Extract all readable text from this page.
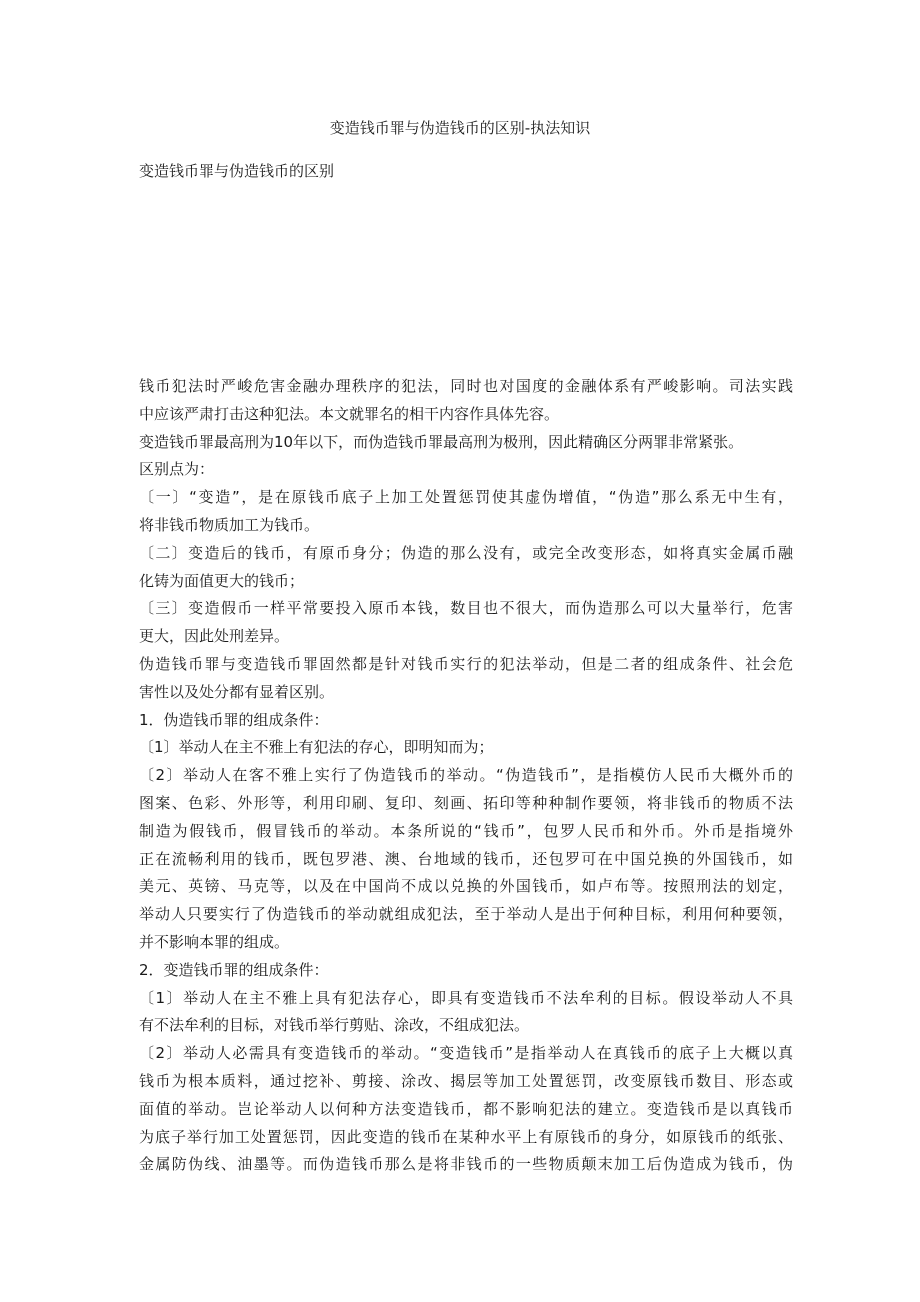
变造钱币罪与伪造钱币的区别-执法知识
变造钱币罪与伪造钱币的区别
钱币犯法时严峻危害金融办理秩序的犯法，同时也对国度的金融体系有严峻影响。司法实践
中应该严肃打击这种犯法。本文就罪名的相干内容作具体先容。
变造钱币罪最高刑为10年以下，而伪造钱币罪最高刑为极刑，因此精确区分两罪非常紧张。
区别点为：
〔一〕“变造”，是在原钱币底子上加工处置惩罚使其虚伪增值，“伪造”那么系无中生有，
将非钱币物质加工为钱币。
〔二〕变造后的钱币，有原币身分；伪造的那么没有，或完全改变形态，如将真实金属币融
化铸为面值更大的钱币；
〔三〕变造假币一样平常要投入原币本钱，数目也不很大，而伪造那么可以大量举行，危害
更大，因此处刑差异。
伪造钱币罪与变造钱币罪固然都是针对钱币实行的犯法举动，但是二者的组成条件、社会危
害性以及处分都有显着区别。
1．伪造钱币罪的组成条件：
〔1〕举动人在主不雅上有犯法的存心，即明知而为；
〔2〕举动人在客不雅上实行了伪造钱币的举动。“伪造钱币”，是指模仿人民币大概外币的
图案、色彩、外形等，利用印刷、复印、刻画、拓印等种种制作要领，将非钱币的物质不法
制造为假钱币，假冒钱币的举动。本条所说的“钱币”，包罗人民币和外币。外币是指境外
正在流畅利用的钱币，既包罗港、澳、台地域的钱币，还包罗可在中国兑换的外国钱币，如
美元、英镑、马克等，以及在中国尚不成以兑换的外国钱币，如卢布等。按照刑法的划定，
举动人只要实行了伪造钱币的举动就组成犯法，至于举动人是出于何种目标，利用何种要领，
并不影响本罪的组成。
2．变造钱币罪的组成条件：
〔1〕举动人在主不雅上具有犯法存心，即具有变造钱币不法牟利的目标。假设举动人不具
有不法牟利的目标，对钱币举行剪贴、涂改，不组成犯法。
〔2〕举动人必需具有变造钱币的举动。“变造钱币”是指举动人在真钱币的底子上大概以真
钱币为根本质料，通过挖补、剪接、涂改、揭层等加工处置惩罚，改变原钱币数目、形态或
面值的举动。岂论举动人以何种方法变造钱币，都不影响犯法的建立。变造钱币是以真钱币
为底子举行加工处置惩罚，因此变造的钱币在某种水平上有原钱币的身分，如原钱币的纸张、
金属防伪线、油墨等。而伪造钱币那么是将非钱币的一些物质颠末加工后伪造成为钱币，伪
